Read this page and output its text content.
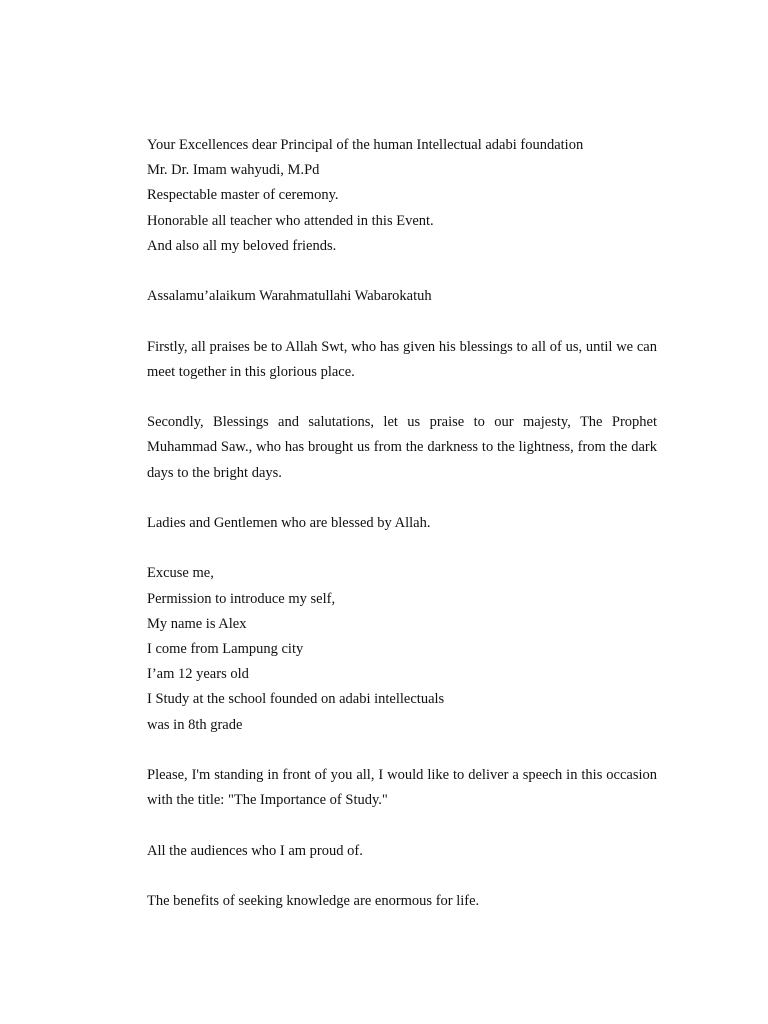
Your Excellences dear Principal of the human Intellectual adabi foundation
Mr. Dr. Imam wahyudi, M.Pd
Respectable master of ceremony.
Honorable all teacher who attended in this Event.
And also all my beloved friends.

Assalamu’alaikum Warahmatullahi Wabarokatuh

Firstly, all praises be to Allah Swt, who has given his blessings to all of us, until we can meet together in this glorious place.

Secondly, Blessings and salutations, let us praise to our majesty, The Prophet Muhammad Saw., who has brought us from the darkness to the lightness, from the dark days to the bright days.

Ladies and Gentlemen who are blessed by Allah.

Excuse me,
Permission to introduce my self,
My name is Alex
I come from Lampung city
I’am 12 years old
I Study at the school founded on adabi intellectuals
was in 8th grade

Please, I'm standing in front of you all, I would like to deliver a speech in this occasion with the title: "The Importance of Study."

All the audiences who I am proud of.

The benefits of seeking knowledge are enormous for life.
